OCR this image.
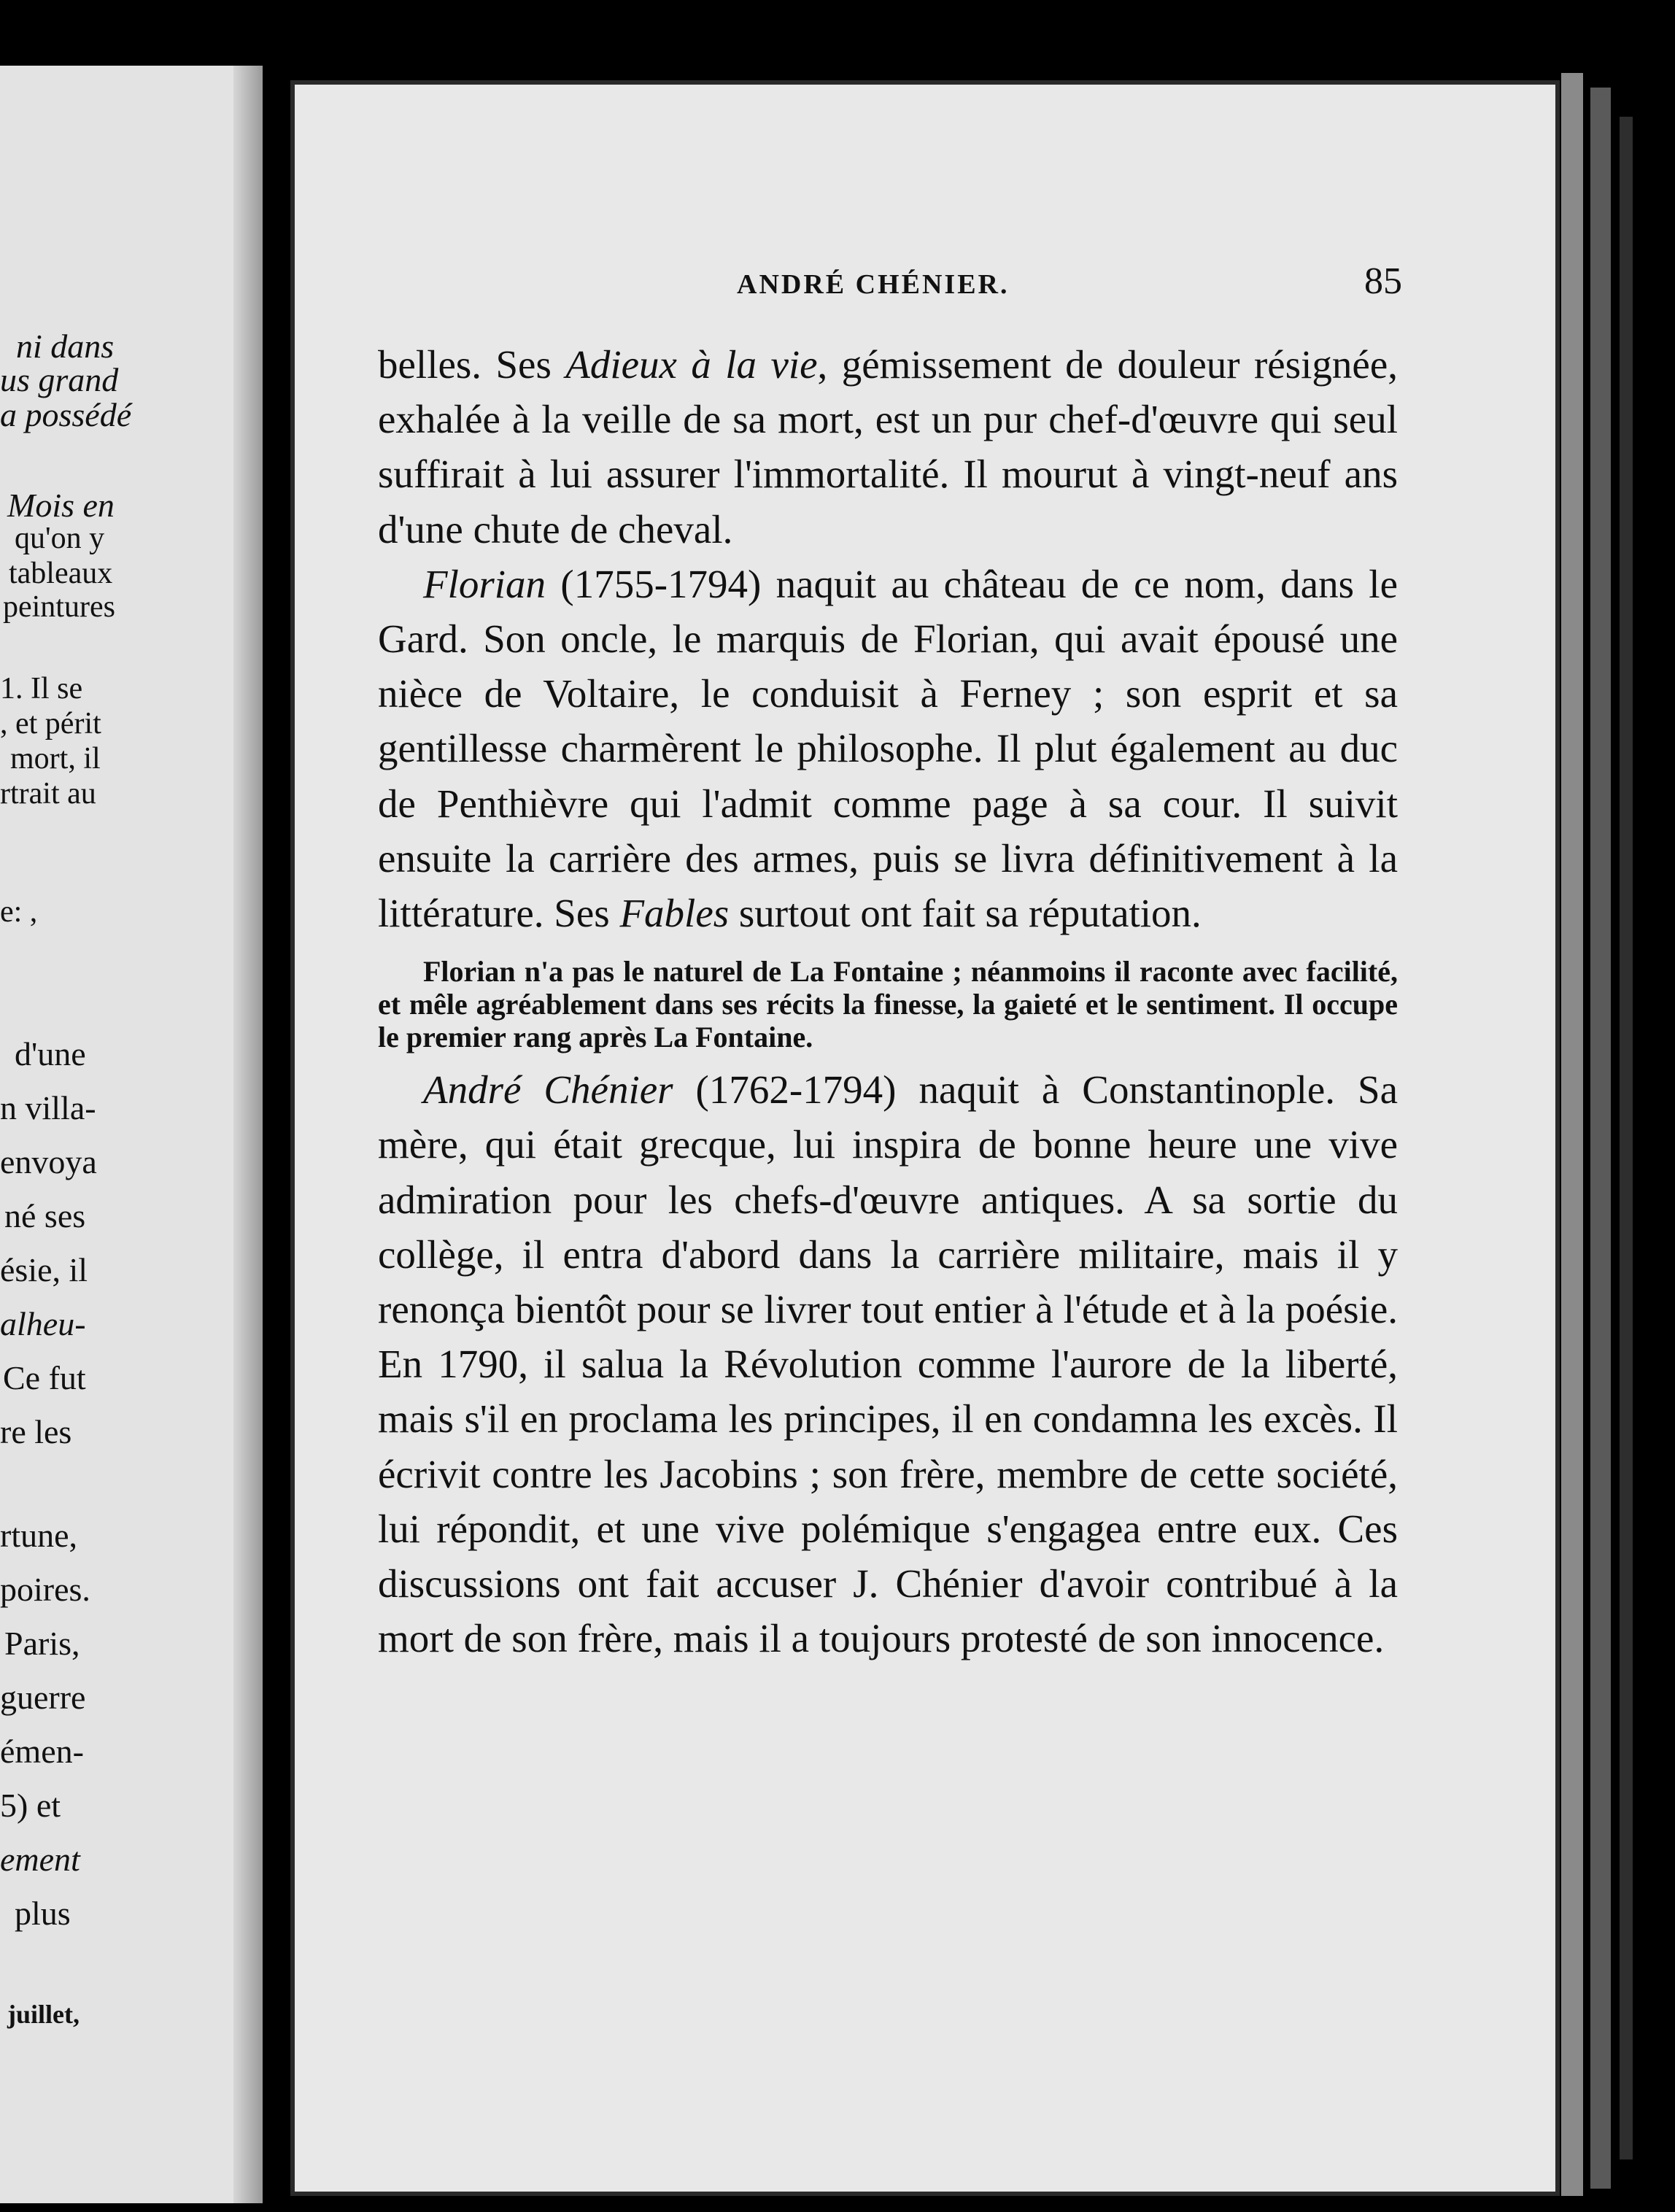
ni dans
us grand
a possédé
Mois en
qu'on y
tableaux
peintures
1. Il se
, et périt
mort, il
rtrait au
e: ,
d'une
n villa-
envoya
né ses
ésie, il
alheu-
Ce fut
re les
rtune,
poires.
Paris,
guerre
émen-
5) et
ement
plus
juillet,
ANDRÉ CHÉNIER.	85

belles. Ses Adieux à la vie, gémissement de douleur résignée, exhalée à la veille de sa mort, est un pur chef-d'œuvre qui seul suffirait à lui assurer l'immortalité. Il mourut à vingt-neuf ans d'une chute de cheval.

Florian (1755-1794) naquit au château de ce nom, dans le Gard. Son oncle, le marquis de Florian, qui avait épousé une nièce de Voltaire, le conduisit à Ferney ; son esprit et sa gentillesse charmèrent le philosophe. Il plut également au duc de Penthièvre qui l'admit comme page à sa cour. Il suivit ensuite la carrière des armes, puis se livra définitivement à la littérature. Ses Fables surtout ont fait sa réputation.

Florian n'a pas le naturel de La Fontaine ; néanmoins il raconte avec facilité, et mêle agréablement dans ses récits la finesse, la gaieté et le sentiment. Il occupe le premier rang après La Fontaine.

André Chénier (1762-1794) naquit à Constantinople. Sa mère, qui était grecque, lui inspira de bonne heure une vive admiration pour les chefs-d'œuvre antiques. A sa sortie du collège, il entra d'abord dans la carrière militaire, mais il y renonça bientôt pour se livrer tout entier à l'étude et à la poésie. En 1790, il salua la Révolution comme l'aurore de la liberté, mais s'il en proclama les principes, il en condamna les excès. Il écrivit contre les Jacobins ; son frère, membre de cette société, lui répondit, et une vive polémique s'engagea entre eux. Ces discussions ont fait accuser J. Chénier d'avoir contribué à la mort de son frère, mais il a toujours protesté de son innocence.
